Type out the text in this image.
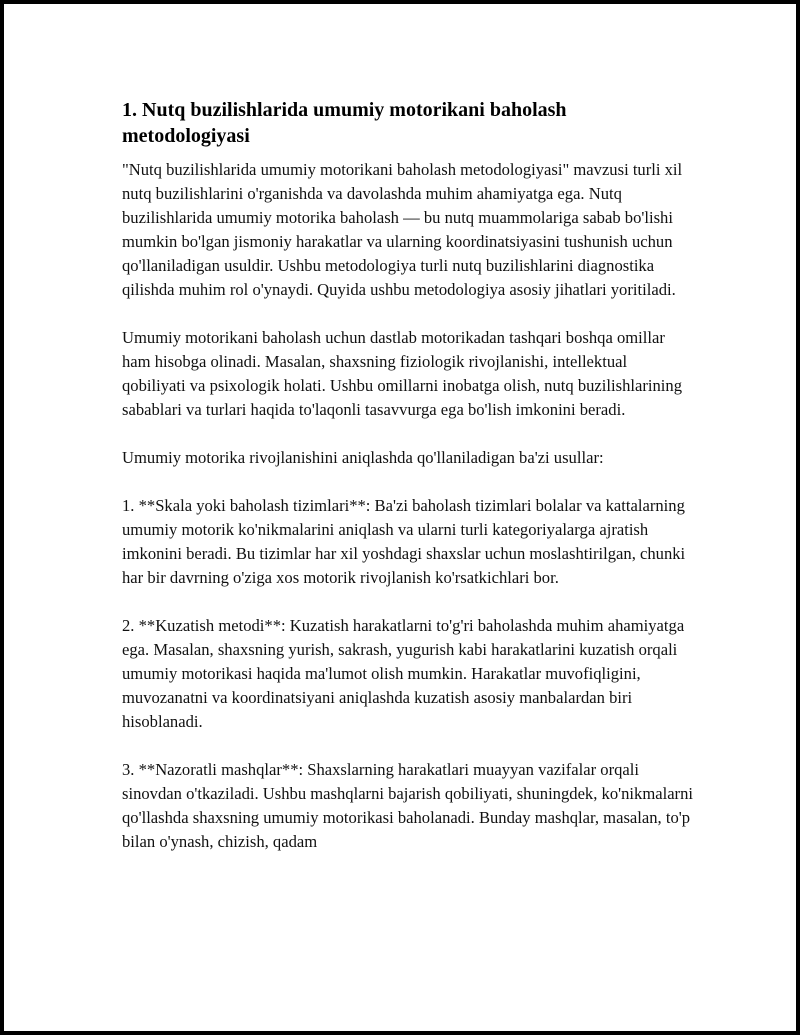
1. Nutq buzilishlarida umumiy motorikani baholash metodologiyasi

"Nutq buzilishlarida umumiy motorikani baholash metodologiyasi" mavzusi turli xil nutq buzilishlarini o'rganishda va davolashda muhim ahamiyatga ega. Nutq buzilishlarida umumiy motorika baholash — bu nutq muammolariga sabab bo'lishi mumkin bo'lgan jismoniy harakatlar va ularning koordinatsiyasini tushunish uchun qo'llaniladigan usuldir. Ushbu metodologiya turli nutq buzilishlarini diagnostika qilishda muhim rol o'ynaydi. Quyida ushbu metodologiya asosiy jihatlari yoritiladi.

Umumiy motorikani baholash uchun dastlab motorikadan tashqari boshqa omillar ham hisobga olinadi. Masalan, shaxsning fiziologik rivojlanishi, intellektual qobiliyati va psixologik holati. Ushbu omillarni inobatga olish, nutq buzilishlarining sabablari va turlari haqida to'laqonli tasavvurga ega bo'lish imkonini beradi.

Umumiy motorika rivojlanishini aniqlashda qo'llaniladigan ba'zi usullar:

1. **Skala yoki baholash tizimlari**: Ba'zi baholash tizimlari bolalar va kattalarning umumiy motorik ko'nikmalarini aniqlash va ularni turli kategoriyalarga ajratish imkonini beradi. Bu tizimlar har xil yoshdagi shaxslar uchun moslashtirilgan, chunki har bir davrning o'ziga xos motorik rivojlanish ko'rsatkichlari bor.

2. **Kuzatish metodi**: Kuzatish harakatlarni to'g'ri baholashda muhim ahamiyatga ega. Masalan, shaxsning yurish, sakrash, yugurish kabi harakatlarini kuzatish orqali umumiy motorikasi haqida ma'lumot olish mumkin. Harakatlar muvofiqligini, muvozanatni va koordinatsiyani aniqlashda kuzatish asosiy manbalardan biri hisoblanadi.

3. **Nazoratli mashqlar**: Shaxslarning harakatlari muayyan vazifalar orqali sinovdan o'tkaziladi. Ushbu mashqlarni bajarish qobiliyati, shuningdek, ko'nikmalarni qo'llashda shaxsning umumiy motorikasi baholanadi. Bunday mashqlar, masalan, to'p bilan o'ynash, chizish, qadam
